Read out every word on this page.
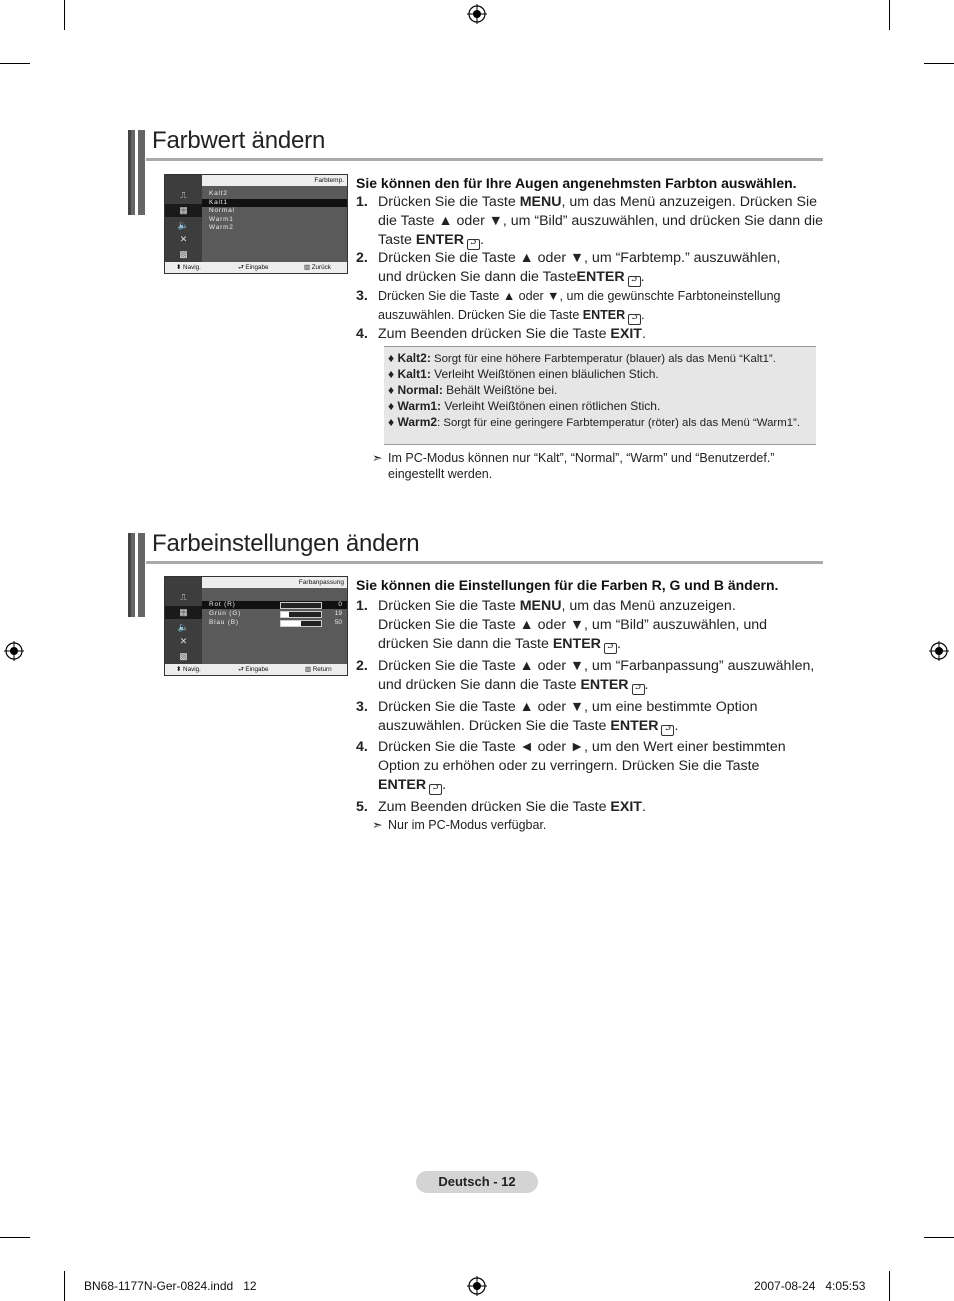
Farbwert ändern
⎍
▦
🔈
✕
▩
Farbtemp.
Kalt2
Kalt1
Normal
Warm1
Warm2
⬍ Navig.	⮐ Eingabe	▥ Zurück
Sie können den für Ihre Augen angenehmsten Farbton auswählen.
1. Drücken Sie die Taste MENU, um das Menü anzuzeigen. Drücken Sie die Taste ▲ oder ▼, um “Bild” auszuwählen, und drücken Sie dann die Taste ENTER ⮐ .
2. Drücken Sie die Taste ▲ oder ▼, um “Farbtemp.” auszuwählen, und drücken Sie dann die TasteENTER ⮐ .
3. Drücken Sie die Taste ▲ oder ▼, um die gewünschte Farbtoneinstellung auszuwählen. Drücken Sie die Taste ENTER ⮐ .
4. Zum Beenden drücken Sie die Taste EXIT.
♦ Kalt2: Sorgt für eine höhere Farbtemperatur (blauer) als das Menü “Kalt1”.
♦ Kalt1: Verleiht Weißtönen einen bläulichen Stich.
♦ Normal: Behält Weißtöne bei.
♦ Warm1: Verleiht Weißtönen einen rötlichen Stich.
♦ Warm2: Sorgt für eine geringere Farbtemperatur (röter) als das Menü “Warm1”.
➣ Im PC-Modus können nur “Kalt”, “Normal”, “Warm” und “Benutzerdef.” eingestellt werden.
Farbeinstellungen ändern
⎍
▦
🔈
✕
▩
Farbanpassung
Rot (R)	0
Grün (G)	19
Blau (B)	50
⬍ Navig.	⮐ Eingabe	▥ Return
Sie können die Einstellungen für die Farben R, G und B ändern.
1. Drücken Sie die Taste MENU, um das Menü anzuzeigen. Drücken Sie die Taste ▲ oder ▼, um “Bild” auszuwählen, und drücken Sie dann die Taste ENTER ⮐ .
2. Drücken Sie die Taste ▲ oder ▼, um “Farbanpassung” auszuwählen, und drücken Sie dann die Taste ENTER ⮐ .
3. Drücken Sie die Taste ▲ oder ▼, um eine bestimmte Option auszuwählen. Drücken Sie die Taste ENTER ⮐ .
4. Drücken Sie die Taste ◄ oder ►, um den Wert einer bestimmten Option zu erhöhen oder zu verringern. Drücken Sie die Taste ENTER ⮐ .
5. Zum Beenden drücken Sie die Taste EXIT.
➣ Nur im PC-Modus verfügbar.
Deutsch - 12
BN68-1177N-Ger-0824.indd   12	2007-08-24   4:05:53
